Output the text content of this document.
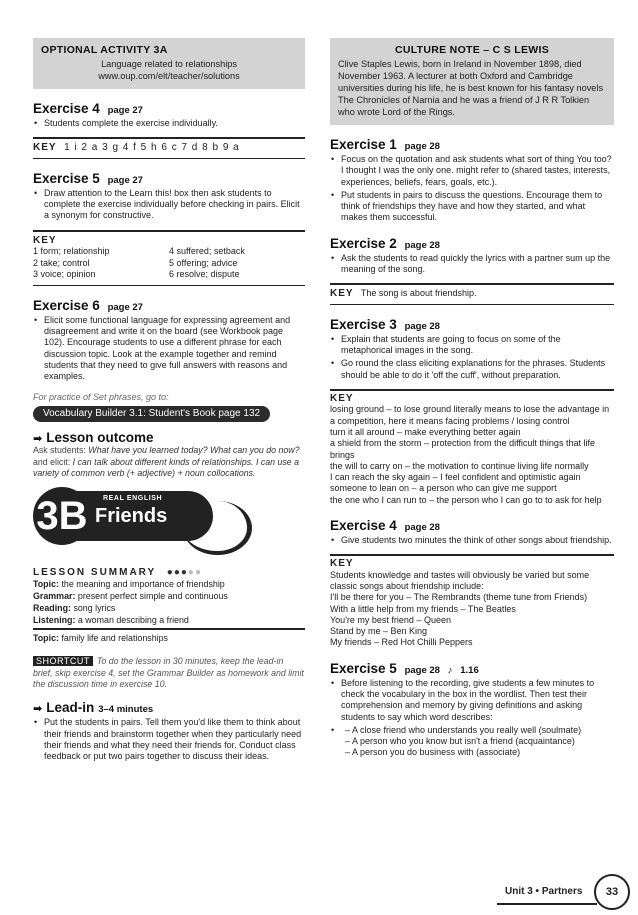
OPTIONAL ACTIVITY 3A
Language related to relationships
www.oup.com/elt/teacher/solutions
Exercise 4 page 27
• Students complete the exercise individually.
KEY 1 i 2 a 3 g 4 f 5 h 6 c 7 d 8 b 9 a
Exercise 5 page 27
• Draw attention to the Learn this! box then ask students to complete the exercise individually before checking in pairs. Elicit a synonym for constructive.
KEY
1 form; relationship
2 take; control
3 voice; opinion
4 suffered; setback
5 offering; advice
6 resolve; dispute
Exercise 6 page 27
• Elicit some functional language for expressing agreement and disagreement and write it on the board (see Workbook page 102). Encourage students to use a different phrase for each discussion topic. Look at the example together and remind students that they need to give full answers with reasons and examples.
For practice of Set phrases, go to:
Vocabulary Builder 3.1: Student's Book page 132
➡ Lesson outcome
Ask students: What have you learned today? What can you do now? and elicit: I can talk about different kinds of relationships. I can use a variety of common verb (+ adjective) + noun collocations.
3B	REAL ENGLISH
Friends
LESSON SUMMARY ●●●●●
Topic: the meaning and importance of friendship
Grammar: present perfect simple and continuous
Reading: song lyrics
Listening: a woman describing a friend
Topic: family life and relationships
SHORTCUT To do the lesson in 30 minutes, keep the lead-in brief, skip exercise 4, set the Grammar Builder as homework and limit the discussion time in exercise 10.
➡ Lead-in 3–4 minutes
• Put the students in pairs. Tell them you'd like them to think about their friends and brainstorm together when they particularly need their friends and what they need their friends for. Conduct class feedback or put two pairs together to discuss their ideas.
CULTURE NOTE – C S LEWIS
Clive Staples Lewis, born in Ireland in November 1898, died November 1963. A lecturer at both Oxford and Cambridge universities during his life, he is best known for his fantasy novels The Chronicles of Narnia and he was a friend of J R R Tolkien who wrote Lord of the Rings.
Exercise 1 page 28
• Focus on the quotation and ask students what sort of thing You too? I thought I was the only one. might refer to (shared tastes, interests, experiences, beliefs, fears, goals, etc.).
• Put students in pairs to discuss the questions. Encourage them to think of friendships they have and how they started, and what makes them successful.
Exercise 2 page 28
• Ask the students to read quickly the lyrics with a partner sum up the meaning of the song.
KEY The song is about friendship.
Exercise 3 page 28
• Explain that students are going to focus on some of the metaphorical images in the song.
• Go round the class eliciting explanations for the phrases. Students should be able to do it 'off the cuff', without preparation.
KEY
losing ground – to lose ground literally means to lose the advantage in a competition, here it means facing problems / losing control
turn it all around – make everything better again
a shield from the storm – protection from the difficult things that life brings
the will to carry on – the motivation to continue living life normally
I can reach the sky again – I feel confident and optimistic again
someone to lean on – a person who can give me support
the one who I can run to – the person who I can go to to ask for help
Exercise 4 page 28
• Give students two minutes the think of other songs about friendship.
KEY
Students knowledge and tastes will obviously be varied but some classic songs about friendship include:
I'll be there for you – The Rembrandts (theme tune from Friends)
With a little help from my friends – The Beatles
You're my best friend – Queen
Stand by me – Ben King
My friends – Red Hot Chilli Peppers
Exercise 5 page 28 ♪ 1.16
• Before listening to the recording, give students a few minutes to check the vocabulary in the box in the wordlist. Then test their comprehension and memory by giving definitions and asking students to say which word describes:
• – A close friend who understands you really well (soulmate)
– A person who you know but isn't a friend (acquaintance)
– A person you do business with (associate)
Unit 3 • Partners	33
